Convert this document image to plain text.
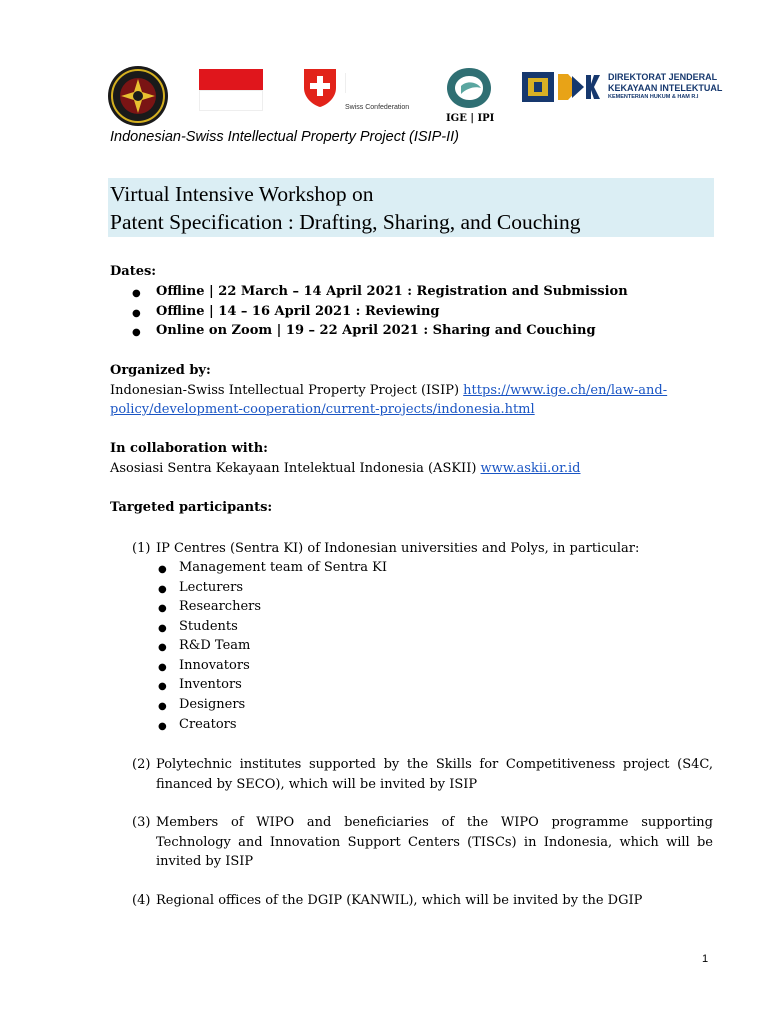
Swiss Confederation
IGE | IPI
DIREKTORAT JENDERAL
KEKAYAAN INTELEKTUAL
KEMENTERIAN HUKUM & HAM R.I
Indonesian-Swiss Intellectual Property Project (ISIP-II)
Virtual Intensive Workshop on
Patent Specification : Drafting, Sharing, and Couching
Dates:
● Offline | 22 March – 14 April 2021 : Registration and Submission
● Offline | 14 – 16 April 2021 : Reviewing
● Online on Zoom | 19 – 22 April 2021 : Sharing and Couching
Organized by:
Indonesian-Swiss Intellectual Property Project (ISIP) https://www.ige.ch/en/law-and-
policy/development-cooperation/current-projects/indonesia.html
In collaboration with:
Asosiasi Sentra Kekayaan Intelektual Indonesia (ASKII) www.askii.or.id
Targeted participants:
(1) IP Centres (Sentra KI) of Indonesian universities and Polys, in particular:
● Management team of Sentra KI
● Lecturers
● Researchers
● Students
● R&D Team
● Innovators
● Inventors
● Designers
● Creators
(2) Polytechnic institutes supported by the Skills for Competitiveness project (S4C, financed by SECO), which will be invited by ISIP
(3) Members of WIPO and beneficiaries of the WIPO programme supporting Technology and Innovation Support Centers (TISCs) in Indonesia, which will be invited by ISIP
(4) Regional offices of the DGIP (KANWIL), which will be invited by the DGIP
1
